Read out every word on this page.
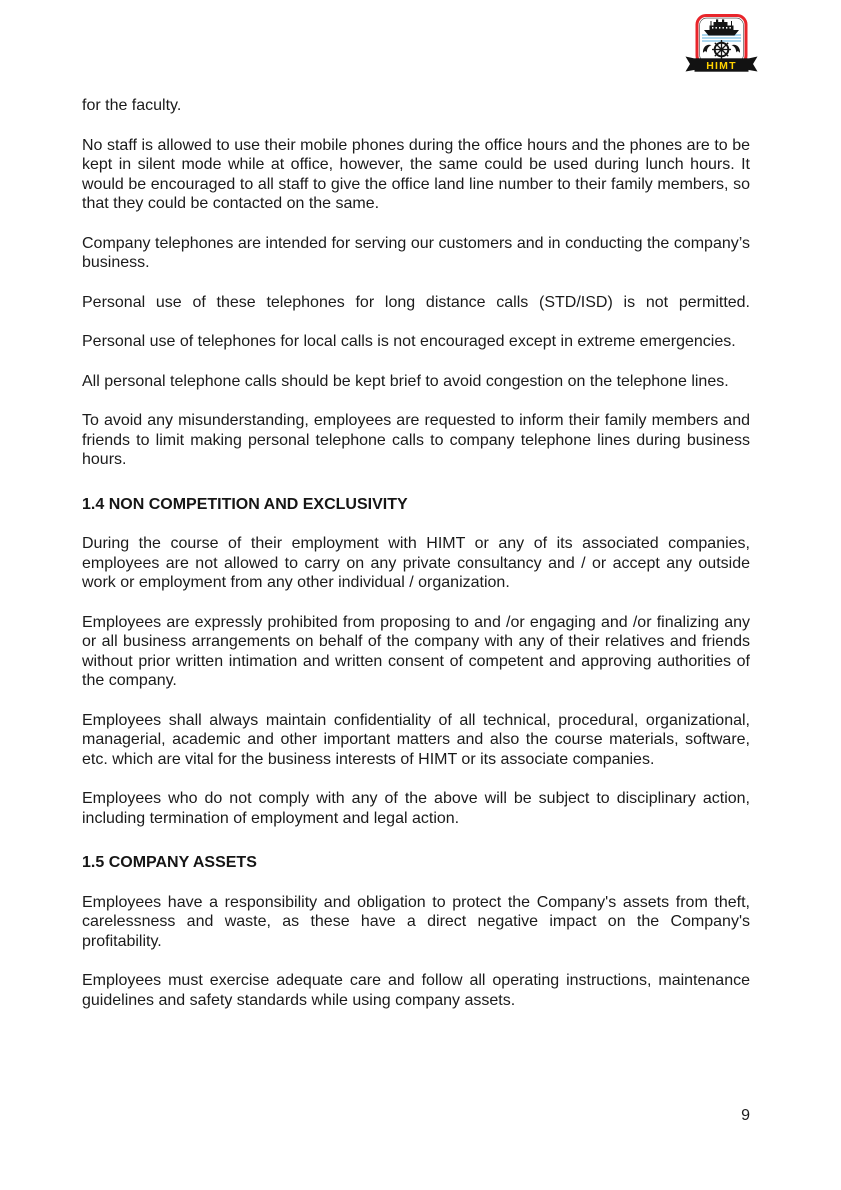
HIMT

for the faculty.

No staff is allowed to use their mobile phones during the office hours and the phones are to be kept in silent mode while at office, however, the same could be used during lunch hours. It would be encouraged to all staff to give the office land line number to their family members, so that they could be contacted on the same.

Company telephones are intended for serving our customers and in conducting the company’s business.

Personal use of these telephones for long distance calls (STD/ISD) is not permitted.

Personal use of telephones for local calls is not encouraged except in extreme emergencies.

All personal telephone calls should be kept brief to avoid congestion on the telephone lines.

To avoid any misunderstanding, employees are requested to inform their family members and friends to limit making personal telephone calls to company telephone lines during business hours.

1.4 NON COMPETITION AND EXCLUSIVITY

During the course of their employment with HIMT or any of its associated companies, employees are not allowed to carry on any private consultancy and / or accept any outside work or employment from any other individual / organization.

Employees are expressly prohibited from proposing to and /or engaging and /or finalizing any or all business arrangements on behalf of the company with any of their relatives and friends without prior written intimation and written consent of competent and approving authorities of the company.

Employees shall always maintain confidentiality of all technical, procedural, organizational, managerial, academic and other important matters and also the course materials, software, etc. which are vital for the business interests of HIMT or its associate companies.

Employees who do not comply with any of the above will be subject to disciplinary action, including termination of employment and legal action.

1.5 COMPANY ASSETS

Employees have a responsibility and obligation to protect the Company's assets from theft, carelessness and waste, as these have a direct negative impact on the Company's profitability.

Employees must exercise adequate care and follow all operating instructions, maintenance guidelines and safety standards while using company assets.

9
